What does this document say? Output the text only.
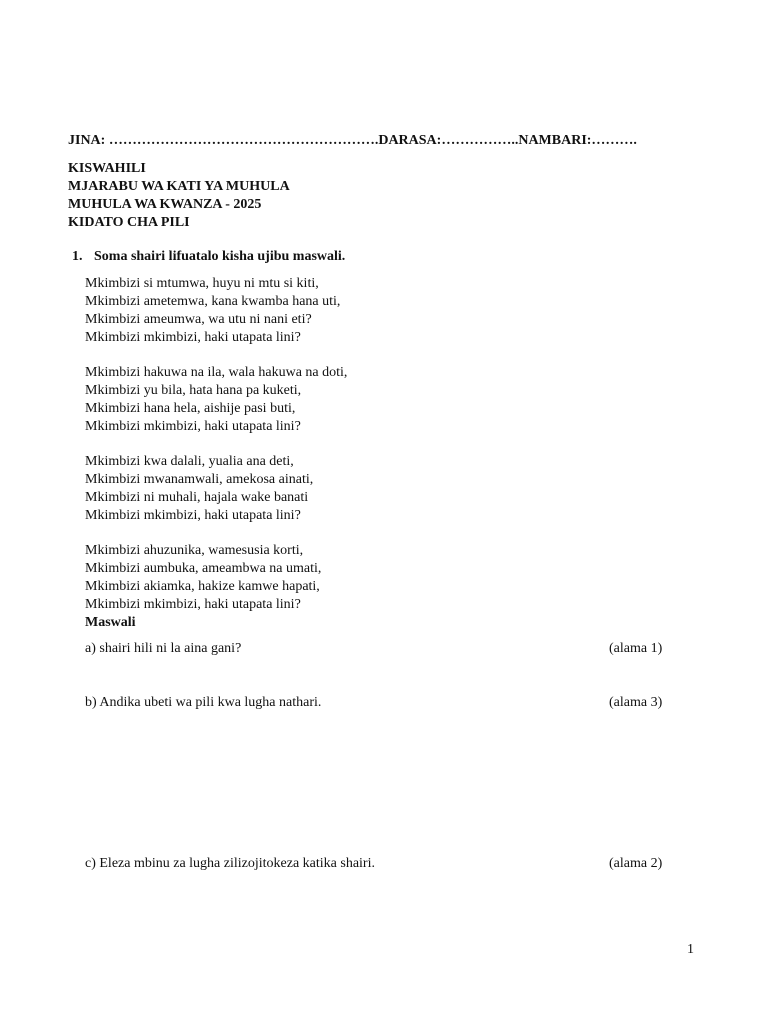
JINA: ………………………………………………….DARASA:……………..NAMBARI:……….
KISWAHILI
MJARABU WA KATI YA MUHULA
MUHULA WA KWANZA - 2025
KIDATO CHA PILI
1. Soma shairi lifuatalo kisha ujibu maswali.
Mkimbizi si mtumwa, huyu ni mtu si kiti,
Mkimbizi ametemwa, kana kwamba hana uti,
Mkimbizi ameumwa, wa utu ni nani eti?
Mkimbizi mkimbizi, haki utapata lini?
Mkimbizi hakuwa na ila, wala hakuwa na doti,
Mkimbizi yu bila, hata hana pa kuketi,
Mkimbizi hana hela, aishije pasi buti,
Mkimbizi mkimbizi, haki utapata lini?
Mkimbizi kwa dalali, yualia ana deti,
Mkimbizi mwanamwali, amekosa ainati,
Mkimbizi ni muhali, hajala wake banati
Mkimbizi mkimbizi, haki utapata lini?
Mkimbizi ahuzunika, wamesusia korti,
Mkimbizi aumbuka, ameambwa na umati,
Mkimbizi akiamka, hakize kamwe hapati,
Mkimbizi mkimbizi, haki utapata lini?
Maswali
a) shairi hili ni la aina gani?	(alama 1)
b) Andika ubeti wa pili kwa lugha nathari.	(alama 3)
c) Eleza mbinu za lugha zilizojitokeza katika shairi.	(alama 2)
1
